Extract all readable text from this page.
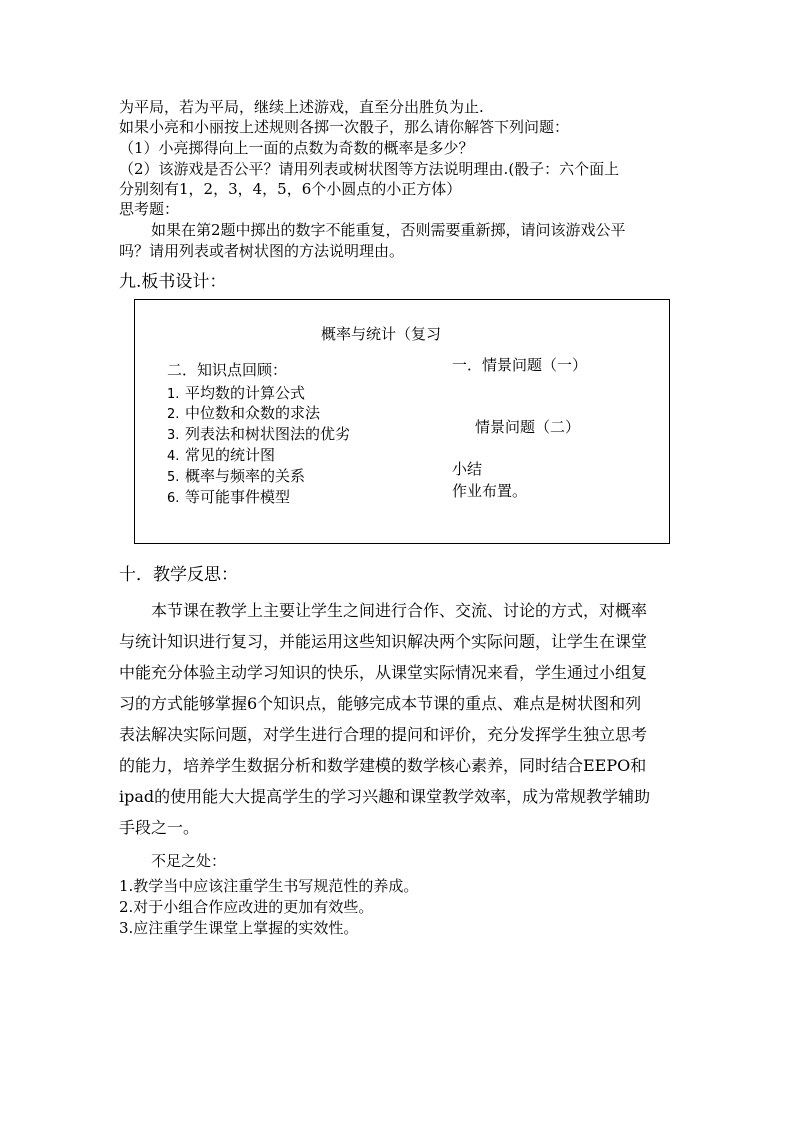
为平局，若为平局，继续上述游戏，直至分出胜负为止.
如果小亮和小丽按上述规则各掷一次骰子，那么请你解答下列问题：
（1）小亮掷得向上一面的点数为奇数的概率是多少？
（2）该游戏是否公平？请用列表或树状图等方法说明理由.(骰子：六个面上
分别刻有1，2，3，4，5，6个小圆点的小正方体）
思考题：
如果在第2题中掷出的数字不能重复，否则需要重新掷，请问该游戏公平
吗？请用列表或者树状图的方法说明理由。
九.板书设计：
概率与统计（复习
二．知识点回顾：
1. 平均数的计算公式
2. 中位数和众数的求法
3. 列表法和树状图法的优劣
4. 常见的统计图
5. 概率与频率的关系
6. 等可能事件模型
一．情景问题（一）
情景问题（二）
小结
作业布置。
十．教学反思：
本节课在教学上主要让学生之间进行合作、交流、讨论的方式，对概率
与统计知识进行复习，并能运用这些知识解决两个实际问题，让学生在课堂
中能充分体验主动学习知识的快乐，从课堂实际情况来看，学生通过小组复
习的方式能够掌握6个知识点，能够完成本节课的重点、难点是树状图和列
表法解决实际问题，对学生进行合理的提问和评价，充分发挥学生独立思考
的能力，培养学生数据分析和数学建模的数学核心素养，同时结合EEPO和
ipad的使用能大大提高学生的学习兴趣和课堂教学效率，成为常规教学辅助
手段之一。
不足之处：
1.教学当中应该注重学生书写规范性的养成。
2.对于小组合作应改进的更加有效些。
3.应注重学生课堂上掌握的实效性。
